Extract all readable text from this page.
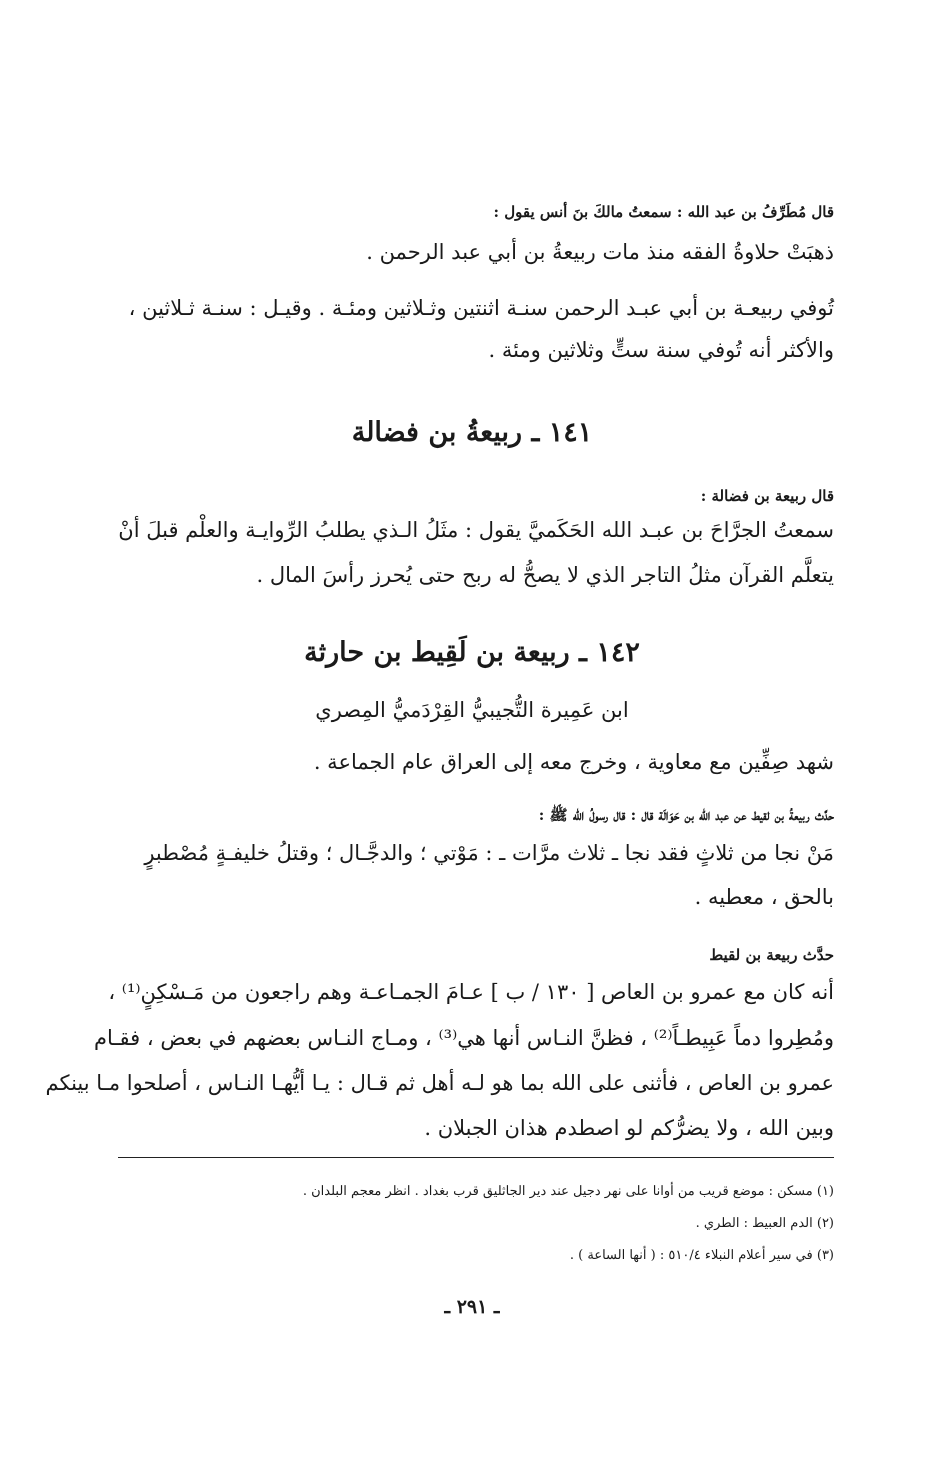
قال مُطَرِّفُ بن عبد الله : سمعتُ مالكَ بنَ أنس يقول :
ذهبَتْ حلاوةُ الفقه منذ مات ربيعةُ بن أبي عبد الرحمن .
تُوفي ربيعـة بن أبي عبـد الرحمن سنـة اثنتين وثـلاثين ومئـة . وقيـل : سنـة ثـلاثين ،
والأكثر أنه تُوفي سنة ستٍّ وثلاثين ومئة .
١٤١ ـ ربيعةُ بن فضالة
قال ربيعة بن فضالة :
سمعتُ الجرَّاحَ بن عبـد الله الحَكَميَّ يقول : مثَلُ الـذي يطلبُ الرِّوايـة والعلْم قبلَ أنْ
يتعلَّم القرآن مثلُ التاجر الذي لا يصحُّ له ربح حتى يُحرز رأسَ المال .
١٤٢ ـ ربيعة بن لَقِيط بن حارثة
ابن عَمِيرة التُّجيبيُّ القِرْدَميُّ المِصري
شهد صِفِّين مع معاوية ، وخرج معه إلى العراق عام الجماعة .
حدَّث ربيعةُ بن لقيط عن عبد الله بن حَوَالَة قال : قال رسولُ الله ﷺ :
مَنْ نجا من ثلاثٍ فقد نجا ـ ثلاث مرَّات ـ : مَوْتي ؛ والدجَّـال ؛ وقتلُ خليفـةٍ مُصْطبرٍ
بالحق ، معطيه .
حدَّث ربيعة بن لقيط
أنه كان مع عمرو بن العاص [ ١٣٠ / ب ] عـامَ الجمـاعـة وهم راجعون من مَـسْكِنٍ⁽¹⁾ ،
ومُطِروا دماً عَبِيطـاً⁽²⁾ ، فظنَّ النـاس أنها هي⁽³⁾ ، ومـاج النـاس بعضهم في بعض ، فقـام
عمرو بن العاص ، فأثنى على الله بما هو لـه أهل ثم قـال : يـا أيُّهـا النـاس ، أصلحوا مـا بينكم
وبين الله ، ولا يضرُّكم لو اصطدم هذان الجبلان .
(١) مسكن : موضع قريب من أوانا على نهر دجيل عند دير الجاثليق قرب بغداد . انظر معجم البلدان .
(٢) الدم العبيط : الطري .
(٣) في سير أعلام النبلاء ٥١٠/٤ : ( أنها الساعة ) .
ـ ٢٩١ ـ
